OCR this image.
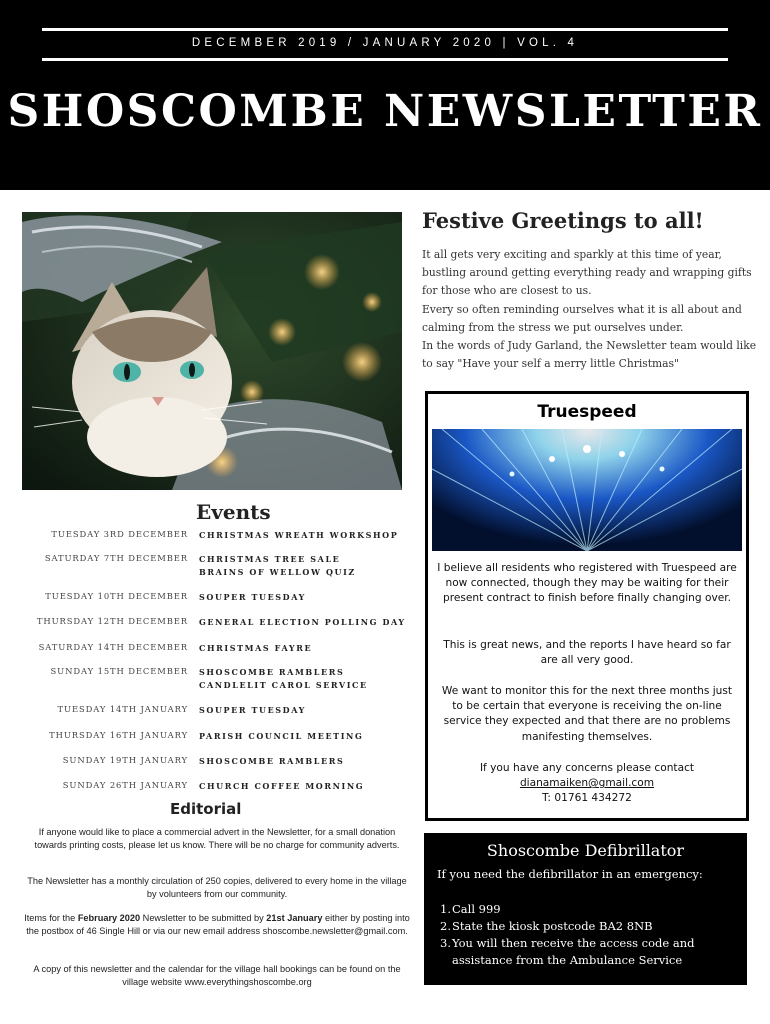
DECEMBER 2019 / JANUARY 2020 | VOL. 4
SHOSCOMBE NEWSLETTER
Festive Greetings to all!

It all gets very exciting and sparkly at this time of year, bustling around getting everything ready and wrapping gifts for those who are closest to us.

Every so often reminding ourselves what it is all about and calming from the stress we put ourselves under.

In the words of Judy Garland, the Newsletter team would like to say "Have your self a merry little Christmas"

Events
TUESDAY 3RD DECEMBER CHRISTMAS WREATH WORKSHOP
SATURDAY 7TH DECEMBER CHRISTMAS TREE SALE
BRAINS OF WELLOW QUIZ
TUESDAY 10TH DECEMBER SOUPER TUESDAY
THURSDAY 12TH DECEMBER GENERAL ELECTION POLLING DAY
SATURDAY 14TH DECEMBER CHRISTMAS FAYRE
SUNDAY 15TH DECEMBER SHOSCOMBE RAMBLERS
CANDLELIT CAROL SERVICE
TUESDAY 14TH JANUARY SOUPER TUESDAY
THURSDAY 16TH JANUARY PARISH COUNCIL MEETING
SUNDAY 19TH JANUARY SHOSCOMBE RAMBLERS
SUNDAY 26TH JANUARY CHURCH COFFEE MORNING
Editorial
If anyone would like to place a commercial advert in the Newsletter, for a small donation towards printing costs, please let us know. There will be no charge for community adverts.
The Newsletter has a monthly circulation of 250 copies, delivered to every home in the village by volunteers from our community.
Items for the February 2020 Newsletter to be submitted by 21st January either by posting into the postbox of 46 Single Hill or via our new email address shoscombe.newsletter@gmail.com.
A copy of this newsletter and the calendar for the village hall bookings can be found on the village website www.everythingshoscombe.org
Truespeed
I believe all residents who registered with Truespeed are now connected, though they may be waiting for their present contract to finish before finally changing over.
This is great news, and the reports I have heard so far are all very good.
We want to monitor this for the next three months just to be certain that everyone is receiving the on-line service they expected and that there are no problems manifesting themselves.
If you have any concerns please contact
dianamaiken@gmail.com
T: 01761 434272
Shoscombe Defibrillator
If you need the defibrillator in an emergency:
1. Call 999
2. State the kiosk postcode BA2 8NB
3. You will then receive the access code and assistance from the Ambulance Service
